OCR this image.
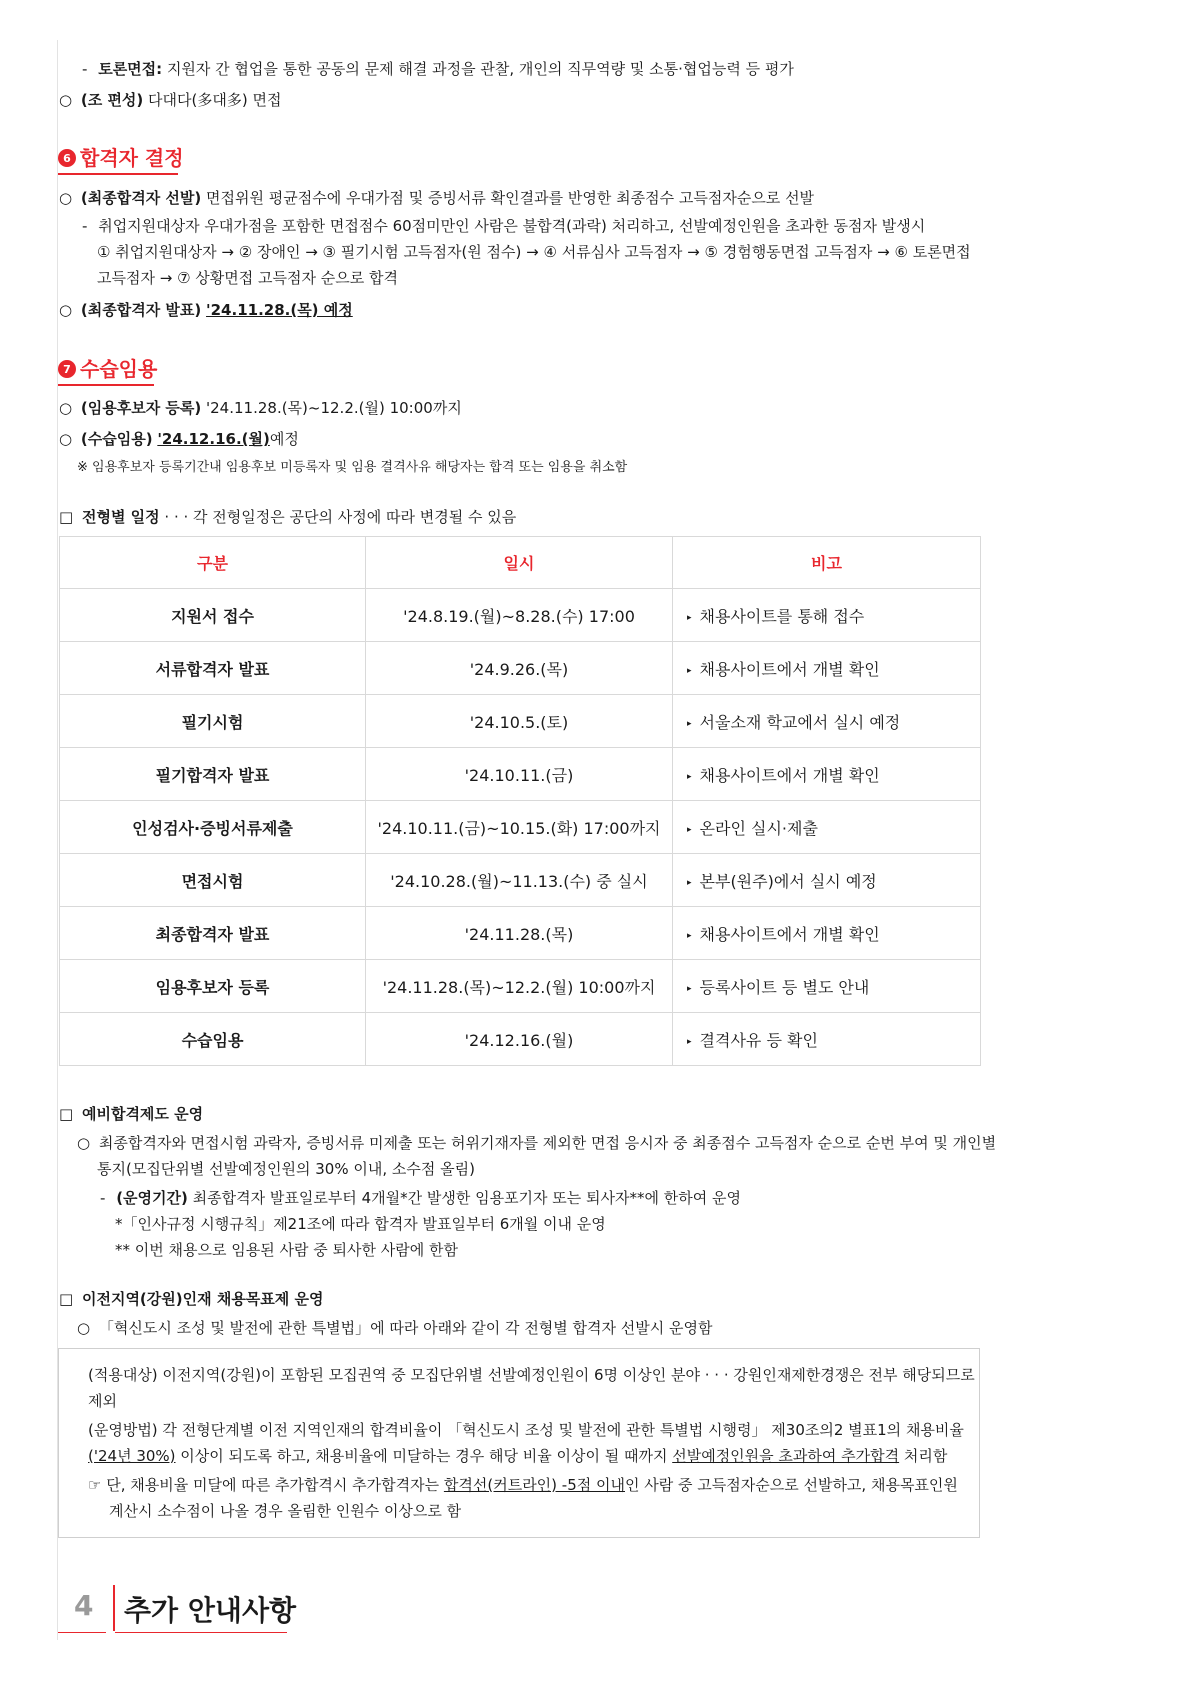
- 토론면접: 지원자 간 협업을 통한 공동의 문제 해결 과정을 관찰, 개인의 직무역량 및 소통·협업능력 등 평가
○ (조 편성) 다대다(多대多) 면접
6 합격자 결정
○ (최종합격자 선발) 면접위원 평균점수에 우대가점 및 증빙서류 확인결과를 반영한 최종점수 고득점자순으로 선발
- 취업지원대상자 우대가점을 포함한 면접점수 60점미만인 사람은 불합격(과락) 처리하고, 선발예정인원을 초과한 동점자 발생시
① 취업지원대상자 → ② 장애인 → ③ 필기시험 고득점자(원 점수) → ④ 서류심사 고득점자 → ⑤ 경험행동면접 고득점자 → ⑥ 토론면접
고득점자 → ⑦ 상황면접 고득점자 순으로 합격
○ (최종합격자 발표) '24.11.28.(목) 예정
7 수습임용
○ (임용후보자 등록) '24.11.28.(목)~12.2.(월) 10:00까지
○ (수습임용) '24.12.16.(월)예정
※ 임용후보자 등록기간내 임용후보 미등록자 및 임용 결격사유 해당자는 합격 또는 임용을 취소함
□ 전형별 일정 · · · 각 전형일정은 공단의 사정에 따라 변경될 수 있음
구분	일시	비고
지원서 접수	'24.8.19.(월)~8.28.(수) 17:00	▸ 채용사이트를 통해 접수
서류합격자 발표	'24.9.26.(목)	▸ 채용사이트에서 개별 확인
필기시험	'24.10.5.(토)	▸ 서울소재 학교에서 실시 예정
필기합격자 발표	'24.10.11.(금)	▸ 채용사이트에서 개별 확인
인성검사·증빙서류제출	'24.10.11.(금)~10.15.(화) 17:00까지	▸ 온라인 실시·제출
면접시험	'24.10.28.(월)~11.13.(수) 중 실시	▸ 본부(원주)에서 실시 예정
최종합격자 발표	'24.11.28.(목)	▸ 채용사이트에서 개별 확인
임용후보자 등록	'24.11.28.(목)~12.2.(월) 10:00까지	▸ 등록사이트 등 별도 안내
수습임용	'24.12.16.(월)	▸ 결격사유 등 확인
□ 예비합격제도 운영
○ 최종합격자와 면접시험 과락자, 증빙서류 미제출 또는 허위기재자를 제외한 면접 응시자 중 최종점수 고득점자 순으로 순번 부여 및 개인별
통지(모집단위별 선발예정인원의 30% 이내, 소수점 올림)
- (운영기간) 최종합격자 발표일로부터 4개월*간 발생한 임용포기자 또는 퇴사자**에 한하여 운영
*「인사규정 시행규칙」제21조에 따라 합격자 발표일부터 6개월 이내 운영
** 이번 채용으로 임용된 사람 중 퇴사한 사람에 한함
□ 이전지역(강원)인재 채용목표제 운영
○ 「혁신도시 조성 및 발전에 관한 특별법」에 따라 아래와 같이 각 전형별 합격자 선발시 운영함
(적용대상) 이전지역(강원)이 포함된 모집권역 중 모집단위별 선발예정인원이 6명 이상인 분야 · · · 강원인재제한경쟁은 전부 해당되므로
제외
(운영방법) 각 전형단계별 이전 지역인재의 합격비율이 「혁신도시 조성 및 발전에 관한 특별법 시행령」 제30조의2 별표1의 채용비율
('24년 30%) 이상이 되도록 하고, 채용비율에 미달하는 경우 해당 비율 이상이 될 때까지 선발예정인원을 초과하여 추가합격 처리함
☞ 단, 채용비율 미달에 따른 추가합격시 추가합격자는 합격선(커트라인) -5점 이내인 사람 중 고득점자순으로 선발하고, 채용목표인원
계산시 소수점이 나올 경우 올림한 인원수 이상으로 함
4 추가 안내사항
